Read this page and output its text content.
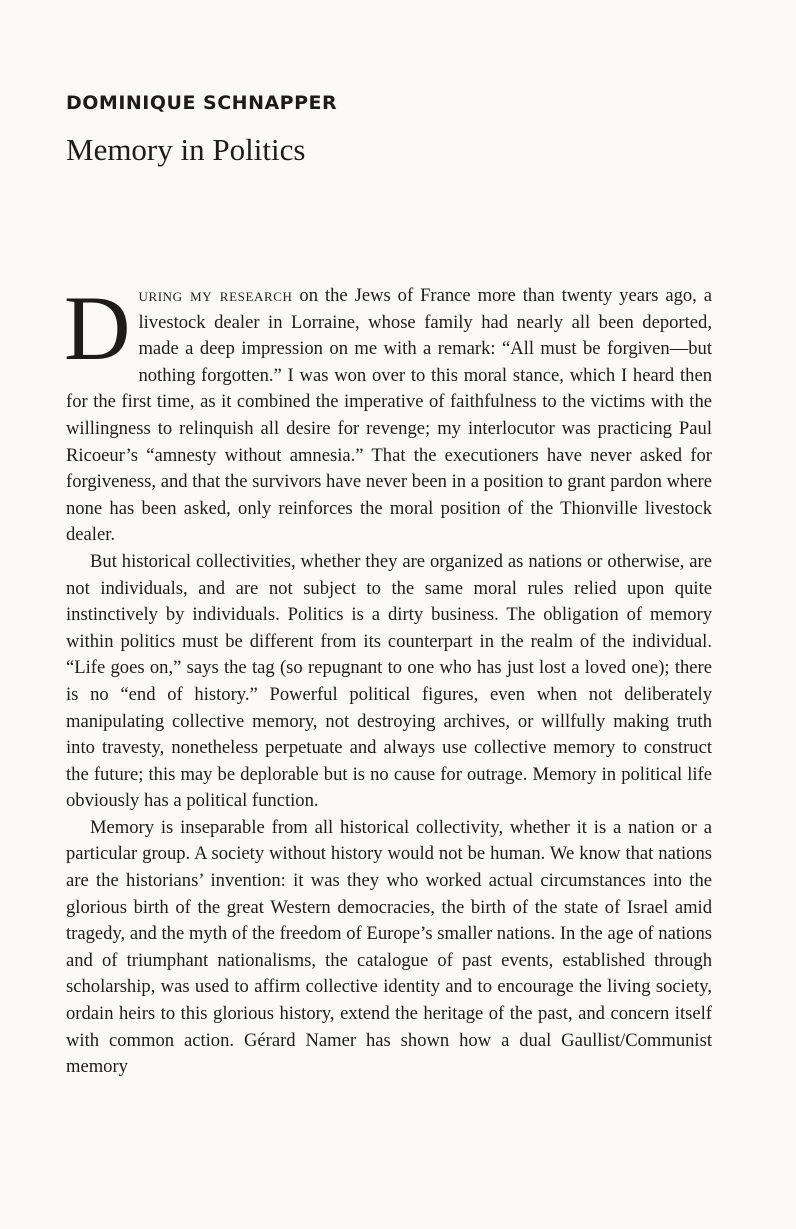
DOMINIQUE SCHNAPPER
Memory in Politics

During my research on the Jews of France more than twenty years ago, a livestock dealer in Lorraine, whose family had nearly all been deported, made a deep impression on me with a remark: “All must be forgiven—but nothing forgotten.” I was won over to this moral stance, which I heard then for the first time, as it combined the imperative of faithfulness to the victims with the willingness to relinquish all desire for revenge; my interlocutor was practicing Paul Ricoeur’s “amnesty without amnesia.” That the executioners have never asked for forgiveness, and that the survivors have never been in a position to grant pardon where none has been asked, only reinforces the moral position of the Thionville livestock dealer.

But historical collectivities, whether they are organized as nations or otherwise, are not individuals, and are not subject to the same moral rules relied upon quite instinctively by individuals. Politics is a dirty business. The obligation of memory within politics must be different from its counterpart in the realm of the individual. “Life goes on,” says the tag (so repugnant to one who has just lost a loved one); there is no “end of history.” Powerful political figures, even when not deliberately manipulating collective memory, not destroying archives, or willfully making truth into travesty, nonetheless perpetuate and always use collective memory to construct the future; this may be deplorable but is no cause for outrage. Memory in political life obviously has a political function.

Memory is inseparable from all historical collectivity, whether it is a nation or a particular group. A society without history would not be human. We know that nations are the historians’ invention: it was they who worked actual circumstances into the glorious birth of the great Western democracies, the birth of the state of Israel amid tragedy, and the myth of the freedom of Europe’s smaller nations. In the age of nations and of triumphant nationalisms, the catalogue of past events, established through scholarship, was used to affirm collective identity and to encourage the living society, ordain heirs to this glorious history, extend the heritage of the past, and concern itself with common action. Gérard Namer has shown how a dual Gaullist/Communist memory
